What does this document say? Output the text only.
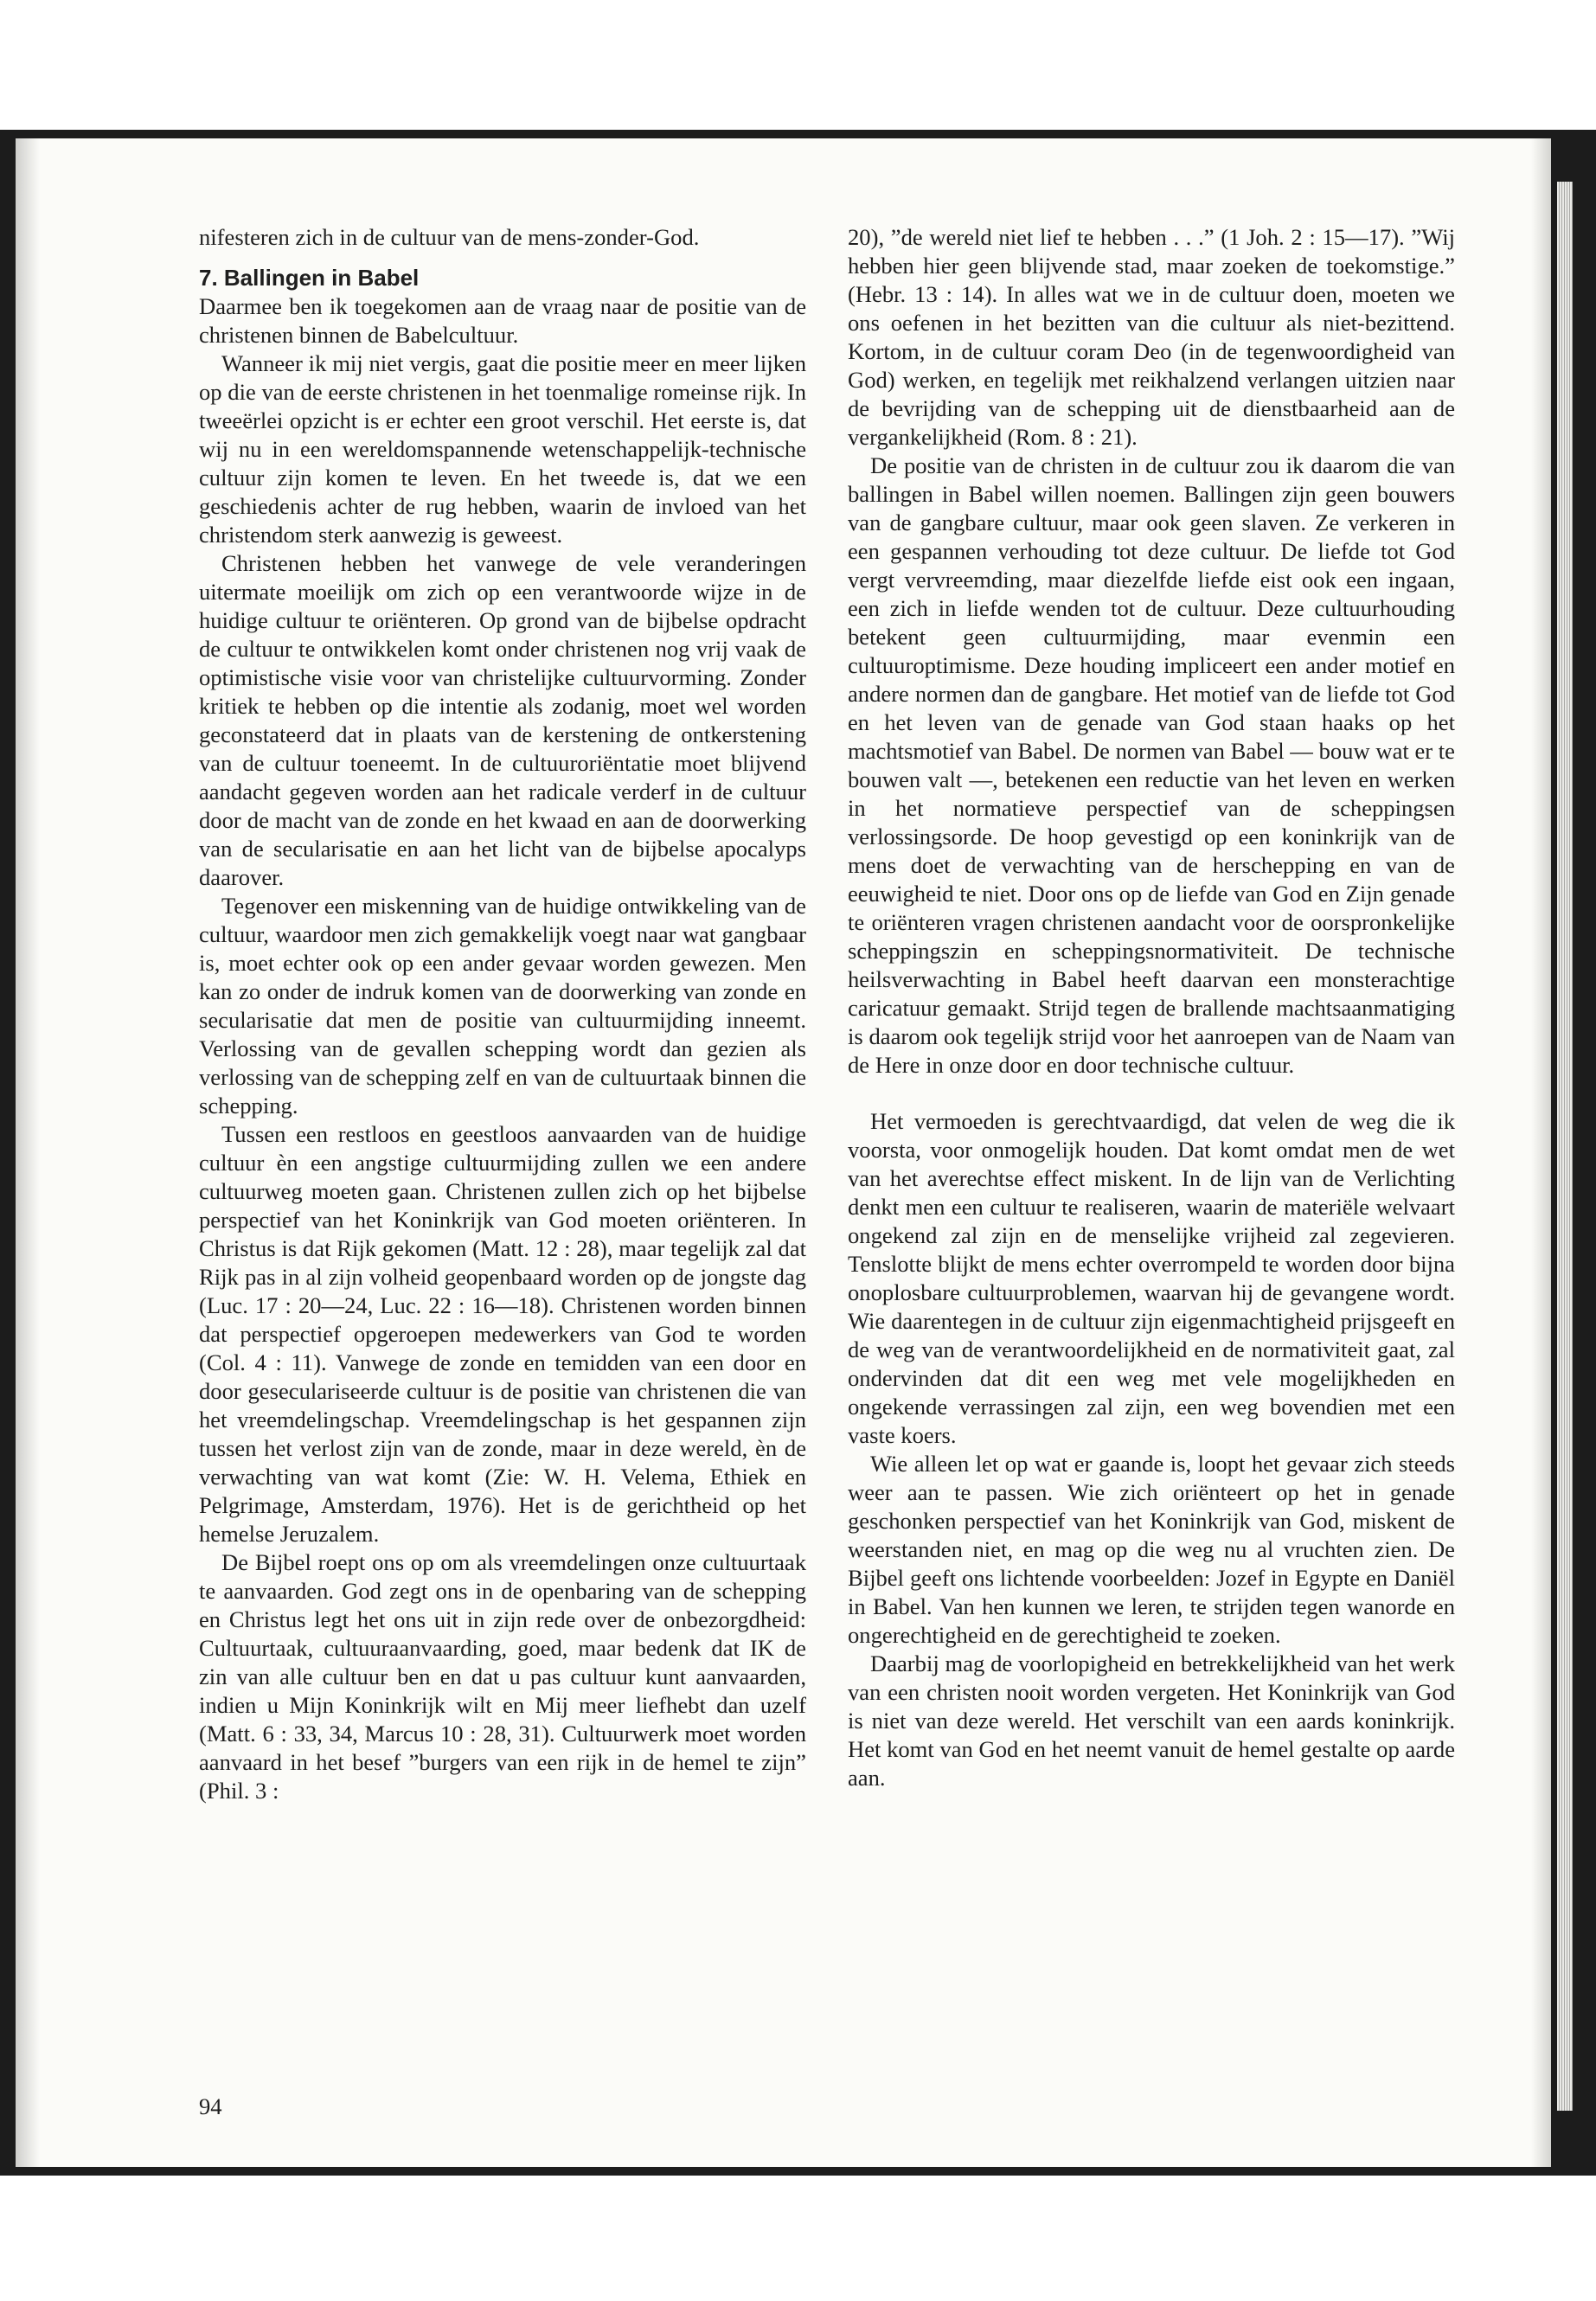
nifesteren zich in de cultuur van de mens-zonder-God.

7. Ballingen in Babel

Daarmee ben ik toegekomen aan de vraag naar de positie van de christenen binnen de Babelcultuur.

Wanneer ik mij niet vergis, gaat die positie meer en meer lijken op die van de eerste christenen in het toenmalige romeinse rijk. In tweeërlei opzicht is er echter een groot verschil. Het eerste is, dat wij nu in een wereldomspannende wetenschappelijk-technische cultuur zijn komen te leven. En het tweede is, dat we een geschiedenis achter de rug hebben, waarin de invloed van het christendom sterk aanwezig is geweest.

Christenen hebben het vanwege de vele veranderingen uitermate moeilijk om zich op een verantwoorde wijze in de huidige cultuur te oriënteren. Op grond van de bijbelse opdracht de cultuur te ontwikkelen komt onder christenen nog vrij vaak de optimistische visie voor van christelijke cultuurvorming. Zonder kritiek te hebben op die intentie als zodanig, moet wel worden geconstateerd dat in plaats van de kerstening de ontkerstening van de cultuur toeneemt. In de cultuuroriëntatie moet blijvend aandacht gegeven worden aan het radicale verderf in de cultuur door de macht van de zonde en het kwaad en aan de doorwerking van de secularisatie en aan het licht van de bijbelse apocalyps daarover.

Tegenover een miskenning van de huidige ontwikkeling van de cultuur, waardoor men zich gemakkelijk voegt naar wat gangbaar is, moet echter ook op een ander gevaar worden gewezen. Men kan zo onder de indruk komen van de doorwerking van zonde en secularisatie dat men de positie van cultuurmijding inneemt. Verlossing van de gevallen schepping wordt dan gezien als verlossing van de schepping zelf en van de cultuurtaak binnen die schepping.

Tussen een restloos en geestloos aanvaarden van de huidige cultuur èn een angstige cultuurmijding zullen we een andere cultuurweg moeten gaan. Christenen zullen zich op het bijbelse perspectief van het Koninkrijk van God moeten oriënteren. In Christus is dat Rijk gekomen (Matt. 12 : 28), maar tegelijk zal dat Rijk pas in al zijn volheid geopenbaard worden op de jongste dag (Luc. 17 : 20—24, Luc. 22 : 16—18). Christenen worden binnen dat perspectief opgeroepen medewerkers van God te worden (Col. 4 : 11). Vanwege de zonde en temidden van een door en door geseculariseerde cultuur is de positie van christenen die van het vreemdelingschap. Vreemdelingschap is het gespannen zijn tussen het verlost zijn van de zonde, maar in deze wereld, èn de verwachting van wat komt (Zie: W. H. Velema, Ethiek en Pelgrimage, Amsterdam, 1976). Het is de gerichtheid op het hemelse Jeruzalem.

De Bijbel roept ons op om als vreemdelingen onze cultuurtaak te aanvaarden. God zegt ons in de openbaring van de schepping en Christus legt het ons uit in zijn rede over de onbezorgdheid: Cultuurtaak, cultuuraanvaarding, goed, maar bedenk dat IK de zin van alle cultuur ben en dat u pas cultuur kunt aanvaarden, indien u Mijn Koninkrijk wilt en Mij meer liefhebt dan uzelf (Matt. 6 : 33, 34, Marcus 10 : 28, 31). Cultuurwerk moet worden aanvaard in het besef ”burgers van een rijk in de hemel te zijn” (Phil. 3 :

20), ”de wereld niet lief te hebben . . .” (1 Joh. 2 : 15—17). ”Wij hebben hier geen blijvende stad, maar zoeken de toekomstige.” (Hebr. 13 : 14). In alles wat we in de cultuur doen, moeten we ons oefenen in het bezitten van die cultuur als niet-bezittend. Kortom, in de cultuur coram Deo (in de tegenwoordigheid van God) werken, en tegelijk met reikhalzend verlangen uitzien naar de bevrijding van de schepping uit de dienstbaarheid aan de vergankelijkheid (Rom. 8 : 21).

De positie van de christen in de cultuur zou ik daarom die van ballingen in Babel willen noemen. Ballingen zijn geen bouwers van de gangbare cultuur, maar ook geen slaven. Ze verkeren in een gespannen verhouding tot deze cultuur. De liefde tot God vergt vervreemding, maar diezelfde liefde eist ook een ingaan, een zich in liefde wenden tot de cultuur. Deze cultuurhouding betekent geen cultuurmijding, maar evenmin een cultuuroptimisme. Deze houding impliceert een ander motief en andere normen dan de gangbare. Het motief van de liefde tot God en het leven van de genade van God staan haaks op het machtsmotief van Babel. De normen van Babel — bouw wat er te bouwen valt —, betekenen een reductie van het leven en werken in het normatieve perspectief van de scheppingsen verlossingsorde. De hoop gevestigd op een koninkrijk van de mens doet de verwachting van de herschepping en van de eeuwigheid te niet. Door ons op de liefde van God en Zijn genade te oriënteren vragen christenen aandacht voor de oorspronkelijke scheppingszin en scheppingsnormativiteit. De technische heilsverwachting in Babel heeft daarvan een monsterachtige caricatuur gemaakt. Strijd tegen de brallende machtsaanmatiging is daarom ook tegelijk strijd voor het aanroepen van de Naam van de Here in onze door en door technische cultuur.

Het vermoeden is gerechtvaardigd, dat velen de weg die ik voorsta, voor onmogelijk houden. Dat komt omdat men de wet van het averechtse effect miskent. In de lijn van de Verlichting denkt men een cultuur te realiseren, waarin de materiële welvaart ongekend zal zijn en de menselijke vrijheid zal zegevieren. Tenslotte blijkt de mens echter overrompeld te worden door bijna onoplosbare cultuurproblemen, waarvan hij de gevangene wordt. Wie daarentegen in de cultuur zijn eigenmachtigheid prijsgeeft en de weg van de verantwoordelijkheid en de normativiteit gaat, zal ondervinden dat dit een weg met vele mogelijkheden en ongekende verrassingen zal zijn, een weg bovendien met een vaste koers.

Wie alleen let op wat er gaande is, loopt het gevaar zich steeds weer aan te passen. Wie zich oriënteert op het in genade geschonken perspectief van het Koninkrijk van God, miskent de weerstanden niet, en mag op die weg nu al vruchten zien. De Bijbel geeft ons lichtende voorbeelden: Jozef in Egypte en Daniël in Babel. Van hen kunnen we leren, te strijden tegen wanorde en ongerechtigheid en de gerechtigheid te zoeken.

Daarbij mag de voorlopigheid en betrekkelijkheid van het werk van een christen nooit worden vergeten. Het Koninkrijk van God is niet van deze wereld. Het verschilt van een aards koninkrijk. Het komt van God en het neemt vanuit de hemel gestalte op aarde aan.

94
